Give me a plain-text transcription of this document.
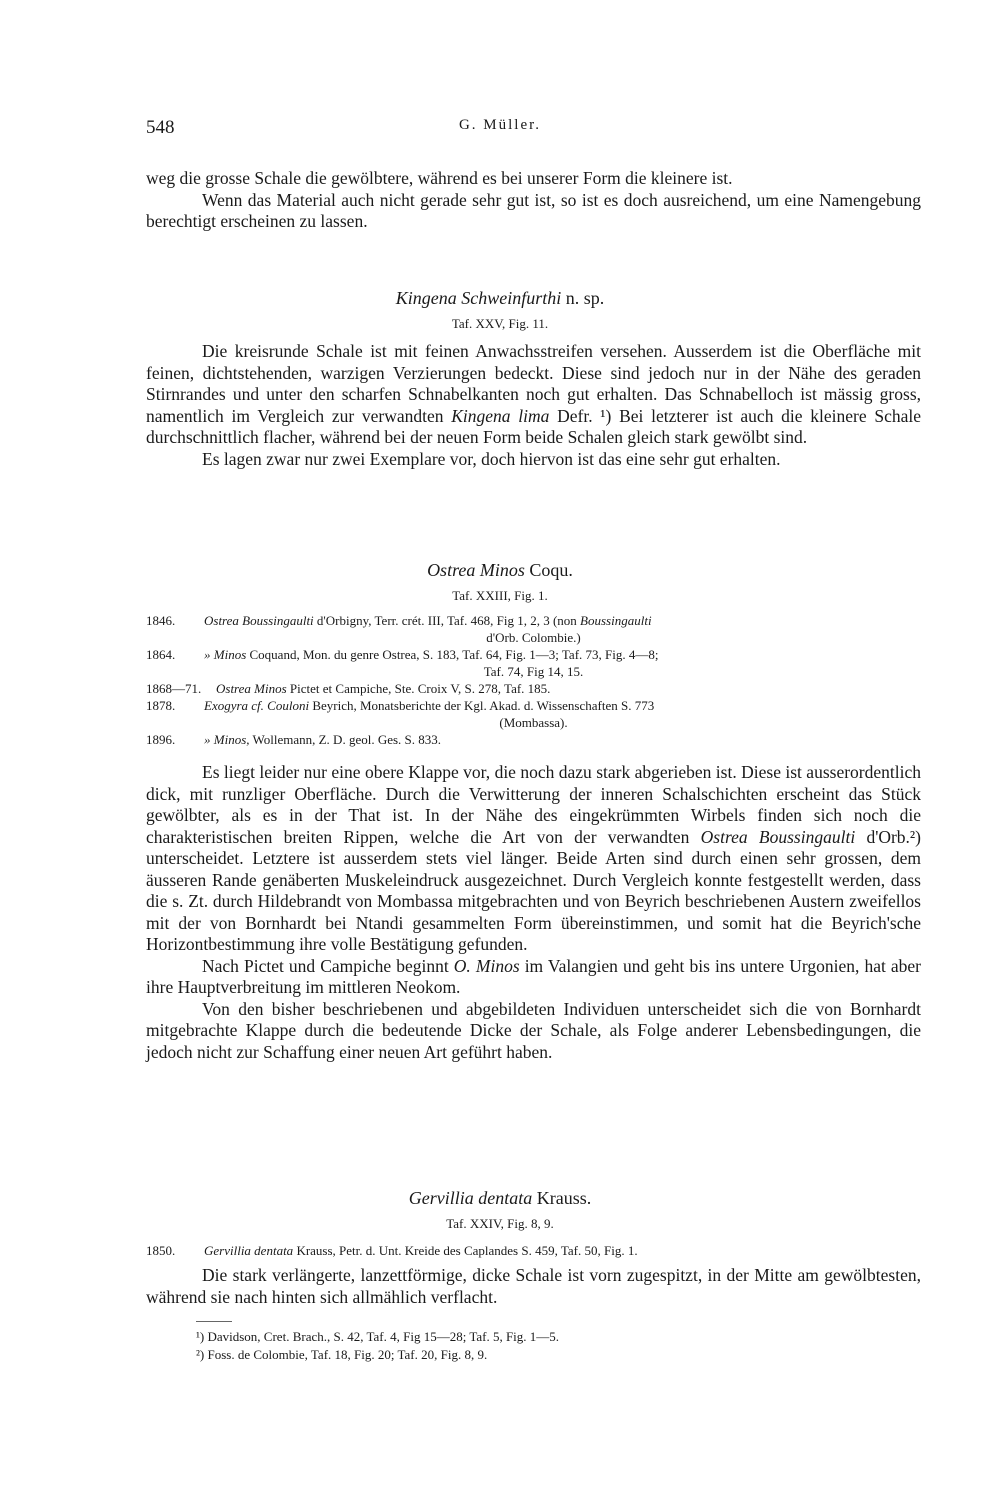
548	G. Müller.

weg die grosse Schale die gewölbtere, während es bei unserer Form die kleinere ist.

Wenn das Material auch nicht gerade sehr gut ist, so ist es doch ausreichend, um eine Namengebung berechtigt erscheinen zu lassen.

Kingena Schweinfurthi n. sp.
Taf. XXV, Fig. 11.

Die kreisrunde Schale ist mit feinen Anwachsstreifen versehen. Ausserdem ist die Oberfläche mit feinen, dichtstehenden, warzigen Verzierungen bedeckt. Diese sind jedoch nur in der Nähe des geraden Stirnrandes und unter den scharfen Schnabelkanten noch gut erhalten. Das Schnabelloch ist mässig gross, namentlich im Vergleich zur verwandten Kingena lima Defr. ¹) Bei letzterer ist auch die kleinere Schale durchschnittlich flacher, während bei der neuen Form beide Schalen gleich stark gewölbt sind.

Es lagen zwar nur zwei Exemplare vor, doch hiervon ist das eine sehr gut erhalten.

Ostrea Minos Coqu.
Taf. XXIII, Fig. 1.
1846. Ostrea Boussingaulti d'Orbigny, Terr. crét. III, Taf. 468, Fig 1, 2, 3 (non Boussingaulti
d'Orb. Colombie.)
1864. » Minos Coquand, Mon. du genre Ostrea, S. 183, Taf. 64, Fig. 1—3; Taf. 73, Fig. 4—8;
Taf. 74, Fig 14, 15.
1868—71. Ostrea Minos Pictet et Campiche, Ste. Croix V, S. 278, Taf. 185.
1878. Exogyra cf. Couloni Beyrich, Monatsberichte der Kgl. Akad. d. Wissenschaften S. 773
(Mombassa).
1896. » Minos, Wollemann, Z. D. geol. Ges. S. 833.

Es liegt leider nur eine obere Klappe vor, die noch dazu stark abgerieben ist. Diese ist ausserordentlich dick, mit runzliger Oberfläche. Durch die Verwitterung der inneren Schalschichten erscheint das Stück gewölbter, als es in der That ist. In der Nähe des eingekrümmten Wirbels finden sich noch die charakteristischen breiten Rippen, welche die Art von der verwandten Ostrea Boussingaulti d'Orb.²) unterscheidet. Letztere ist ausserdem stets viel länger. Beide Arten sind durch einen sehr grossen, dem äusseren Rande genäberten Muskeleindruck ausgezeichnet. Durch Vergleich konnte festgestellt werden, dass die s. Zt. durch Hildebrandt von Mombassa mitgebrachten und von Beyrich beschriebenen Austern zweifellos mit der von Bornhardt bei Ntandi gesammelten Form übereinstimmen, und somit hat die Beyrich'sche Horizontbestimmung ihre volle Bestätigung gefunden.

Nach Pictet und Campiche beginnt O. Minos im Valangien und geht bis ins untere Urgonien, hat aber ihre Hauptverbreitung im mittleren Neokom.

Von den bisher beschriebenen und abgebildeten Individuen unterscheidet sich die von Bornhardt mitgebrachte Klappe durch die bedeutende Dicke der Schale, als Folge anderer Lebensbedingungen, die jedoch nicht zur Schaffung einer neuen Art geführt haben.

Gervillia dentata Krauss.
Taf. XXIV, Fig. 8, 9.
1850. Gervillia dentata Krauss, Petr. d. Unt. Kreide des Caplandes S. 459, Taf. 50, Fig. 1.

Die stark verlängerte, lanzettförmige, dicke Schale ist vorn zugespitzt, in der Mitte am gewölbtesten, während sie nach hinten sich allmählich verflacht.

¹) Davidson, Cret. Brach., S. 42, Taf. 4, Fig 15—28; Taf. 5, Fig. 1—5.
²) Foss. de Colombie, Taf. 18, Fig. 20; Taf. 20, Fig. 8, 9.
